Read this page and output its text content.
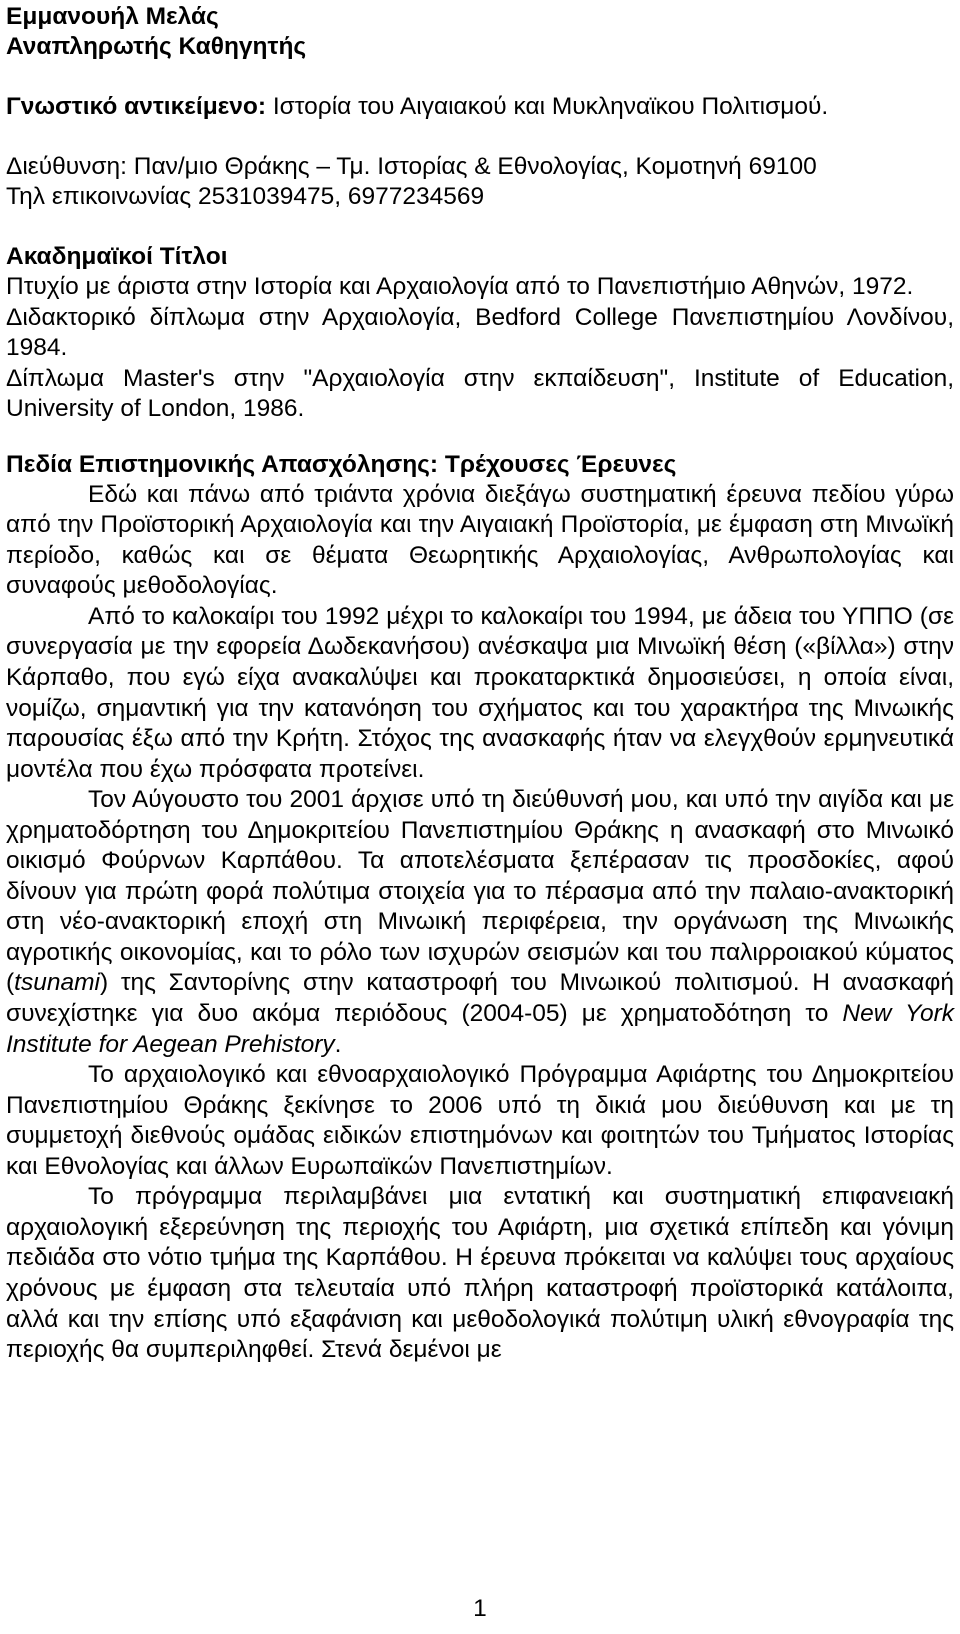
Εμμανουήλ Μελάς
Αναπληρωτής Καθηγητής
Γνωστικό αντικείμενο: Ιστορία του Αιγαιακού και Μυκληναϊκου Πολιτισμού.
Διεύθυνση: Παν/μιο Θράκης – Τμ. Ιστορίας & Εθνολογίας, Κομοτηνή 69100
Τηλ επικοινωνίας 2531039475, 6977234569
Ακαδημαϊκοί Τίτλοι

Πτυχίο με άριστα στην Ιστορία και Αρχαιολογία από το Πανεπιστήμιο Αθηνών, 1972.

Διδακτορικό δίπλωμα στην Αρχαιολογία, Bedford College Πανεπιστημίου Λονδίνου, 1984.

Δίπλωμα Master's στην "Αρχαιολογία στην εκπαίδευση", Institute of Education, University of London, 1986.

Πεδία Επιστημονικής Απασχόλησης: Τρέχουσες Έρευνες

Εδώ και πάνω από τριάντα χρόνια διεξάγω συστηματική έρευνα πεδίου γύρω από την Προϊστορική Αρχαιολογία και την Αιγαιακή Προϊστορία, με έμφαση στη Μινωϊκή περίοδο, καθώς και σε θέματα Θεωρητικής Αρχαιολογίας, Ανθρωπολογίας και συναφούς μεθοδολογίας.

Από το καλοκαίρι του 1992 μέχρι το καλοκαίρι του 1994, με άδεια του ΥΠΠΟ (σε συνεργασία με την εφορεία Δωδεκανήσου) ανέσκαψα μια Μινωϊκή θέση («βίλλα») στην Κάρπαθο, που εγώ είχα ανακαλύψει και προκαταρκτικά δημοσιεύσει, η οποία είναι, νομίζω, σημαντική για την κατανόηση του σχήματος και του χαρακτήρα της Μινωικής παρουσίας έξω από την Κρήτη. Στόχος της ανασκαφής ήταν να ελεγχθούν ερμηνευτικά μοντέλα που έχω πρόσφατα προτείνει.

Τον Αύγουστο του 2001 άρχισε υπό τη διεύθυνσή μου, και υπό την αιγίδα και με χρηματοδόρτηση του Δημοκριτείου Πανεπιστημίου Θράκης η ανασκαφή στο Μινωικό οικισμό Φούρνων Καρπάθου. Τα αποτελέσματα ξεπέρασαν τις προσδοκίες, αφού δίνουν για πρώτη φορά πολύτιμα στοιχεία για το πέρασμα από την παλαιο-ανακτορική στη νέο-ανακτορική εποχή στη Μινωική περιφέρεια, την οργάνωση της Μινωικής αγροτικής οικονομίας, και το ρόλο των ισχυρών σεισμών και του παλιρροιακού κύματος (tsunami) της Σαντορίνης στην καταστροφή του Μινωικού πολιτισμού. Η ανασκαφή συνεχίστηκε για δυο ακόμα περιόδους (2004-05) με χρηματοδότηση το New York Institute for Aegean Prehistory.

Το αρχαιολογικό και εθνοαρχαιολογικό Πρόγραμμα Αφιάρτης του Δημοκριτείου Πανεπιστημίου Θράκης ξεκίνησε το 2006 υπό τη δικιά μου διεύθυνση και με τη συμμετοχή διεθνούς ομάδας ειδικών επιστημόνων και φοιτητών του Τμήματος Ιστορίας και Εθνολογίας και άλλων Ευρωπαϊκών Πανεπιστημίων.

Το πρόγραμμα περιλαμβάνει μια εντατική και συστηματική επιφανειακή αρχαιολογική εξερεύνηση της περιοχής του Αφιάρτη, μια σχετικά επίπεδη και γόνιμη πεδιάδα στο νότιο τμήμα της Καρπάθου. Η έρευνα πρόκειται να καλύψει τους αρχαίους χρόνους με έμφαση στα τελευταία υπό πλήρη καταστροφή προϊστορικά κατάλοιπα, αλλά και την επίσης υπό εξαφάνιση και μεθοδολογικά πολύτιμη υλική εθνογραφία της περιοχής θα συμπεριληφθεί. Στενά δεμένοι με

1
